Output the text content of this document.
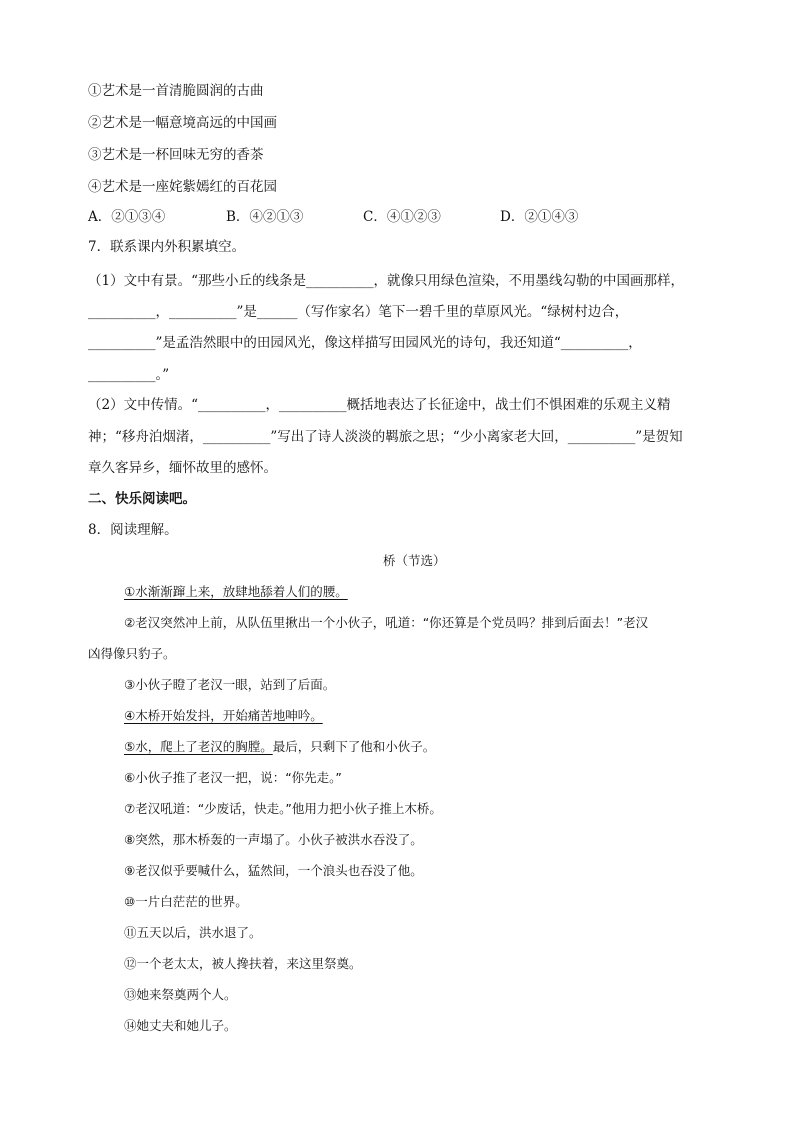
①艺术是一首清脆圆润的古曲
②艺术是一幅意境高远的中国画
③艺术是一杯回味无穷的香茶
④艺术是一座姹紫嫣红的百花园
A．②①③④	B．④②①③	C．④①②③	D．②①④③
7．联系课内外积累填空。
（1）文中有景。“那些小丘的线条是__________，就像只用绿色渲染，不用墨线勾勒的中国画那样，
__________，__________”是______（写作家名）笔下一碧千里的草原风光。“绿树村边合，
__________”是孟浩然眼中的田园风光，像这样描写田园风光的诗句，我还知道“__________，
__________。”
（2）文中传情。“__________，__________概括地表达了长征途中，战士们不惧困难的乐观主义精
神；“移舟泊烟渚，__________”写出了诗人淡淡的羁旅之思；“少小离家老大回，__________”是贺知
章久客异乡，缅怀故里的感怀。
二、快乐阅读吧。
8．阅读理解。
桥（节选）
①水渐渐蹿上来，放肆地舔着人们的腰。
②老汉突然冲上前，从队伍里揪出一个小伙子，吼道：“你还算是个党员吗？排到后面去！”老汉
凶得像只豹子。
③小伙子瞪了老汉一眼，站到了后面。
④木桥开始发抖，开始痛苦地呻吟。
⑤水，爬上了老汉的胸膛。最后，只剩下了他和小伙子。
⑥小伙子推了老汉一把，说：“你先走。”
⑦老汉吼道：“少废话，快走。”他用力把小伙子推上木桥。
⑧突然，那木桥轰的一声塌了。小伙子被洪水吞没了。
⑨老汉似乎要喊什么，猛然间，一个浪头也吞没了他。
⑩一片白茫茫的世界。
⑪五天以后，洪水退了。
⑫一个老太太，被人搀扶着，来这里祭奠。
⑬她来祭奠两个人。
⑭她丈夫和她儿子。
